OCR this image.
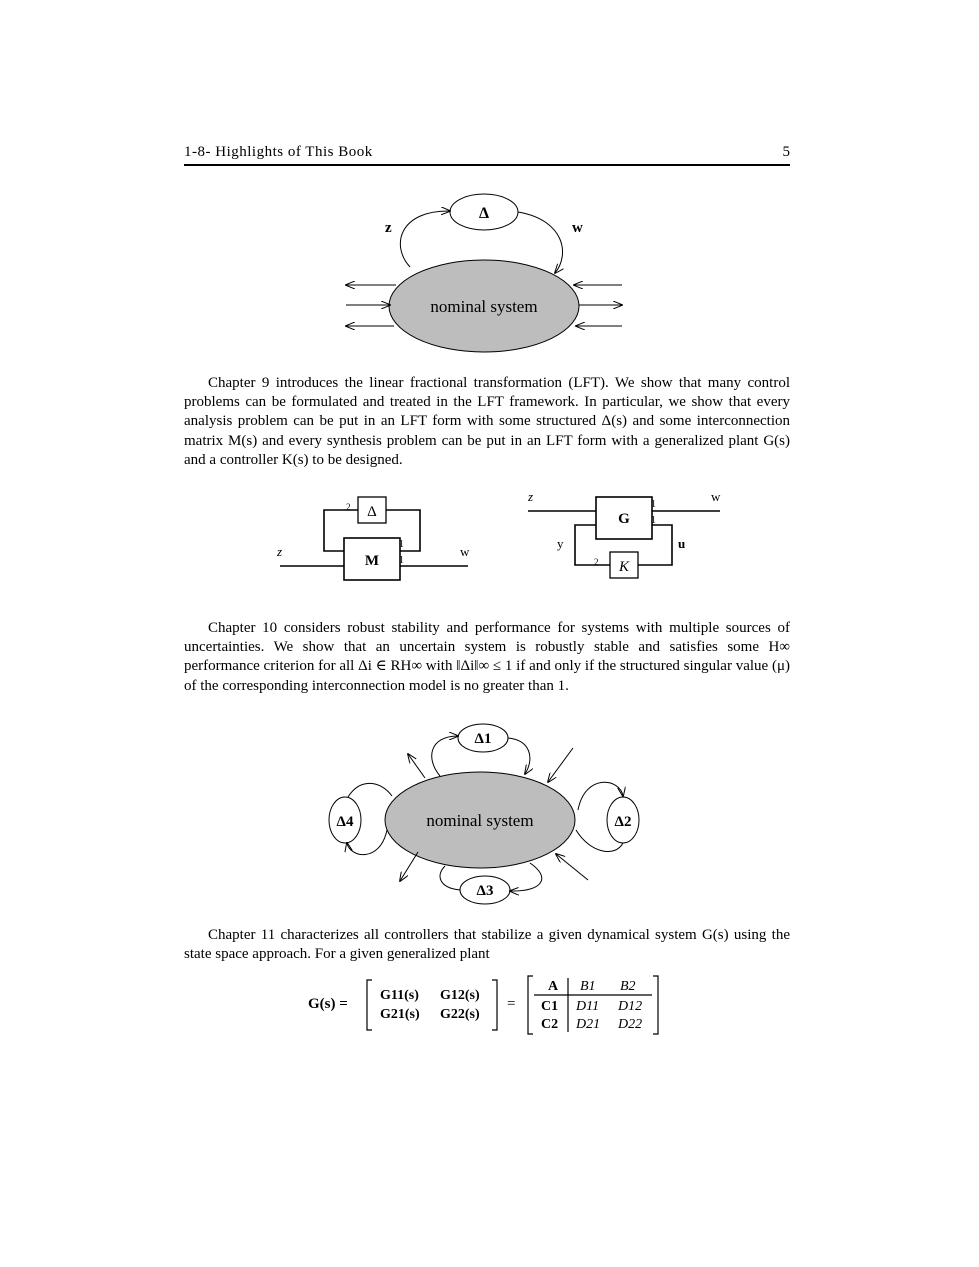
1-8- Highlights of This Book	5
Δ
z	w
nominal system

Chapter 9 introduces the linear fractional transformation (LFT). We show that many control problems can be formulated and treated in the LFT framework. In particular, we show that every analysis problem can be put in an LFT form with some structured Δ(s) and some interconnection matrix M(s) and every synthesis problem can be put in an LFT form with a generalized plant G(s) and a controller K(s) to be designed.

Δ
M
2
1
1
z	w
G
K
1
1
2
z	w
y	u

Chapter 10 considers robust stability and performance for systems with multiple sources of uncertainties. We show that an uncertain system is robustly stable and satisfies some H∞ performance criterion for all Δi ∈ RH∞ with ‖Δi‖∞ ≤ 1 if and only if the structured singular value (μ) of the corresponding interconnection model is no greater than 1.

nominal system
Δ1
Δ2
Δ3
Δ4

Chapter 11 characterizes all controllers that stabilize a given dynamical system G(s) using the state space approach. For a given generalized plant

G(s) =
G11(s) G12(s)
G21(s) G22(s)
=
A B1 B2
C1 D11 D12
C2 D21 D22
